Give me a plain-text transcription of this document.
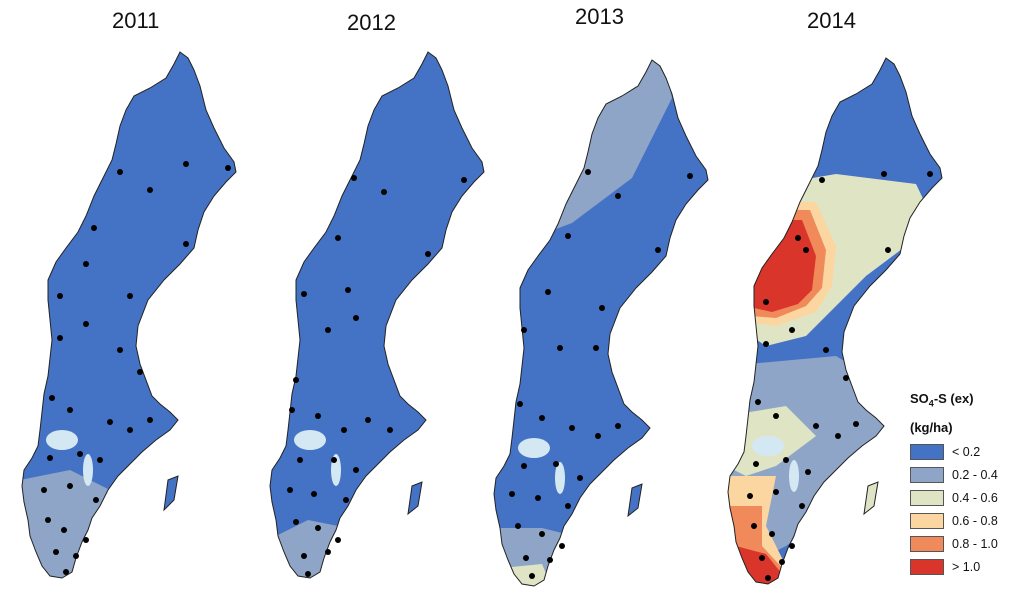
2011	2012	2013	2014
$SO_4-S$ (ex)
(kg/ha)
< 0.2
0.2 - 0.4
0.4 - 0.6
0.6 - 0.8
0.8 - 1.0
> 1.0
